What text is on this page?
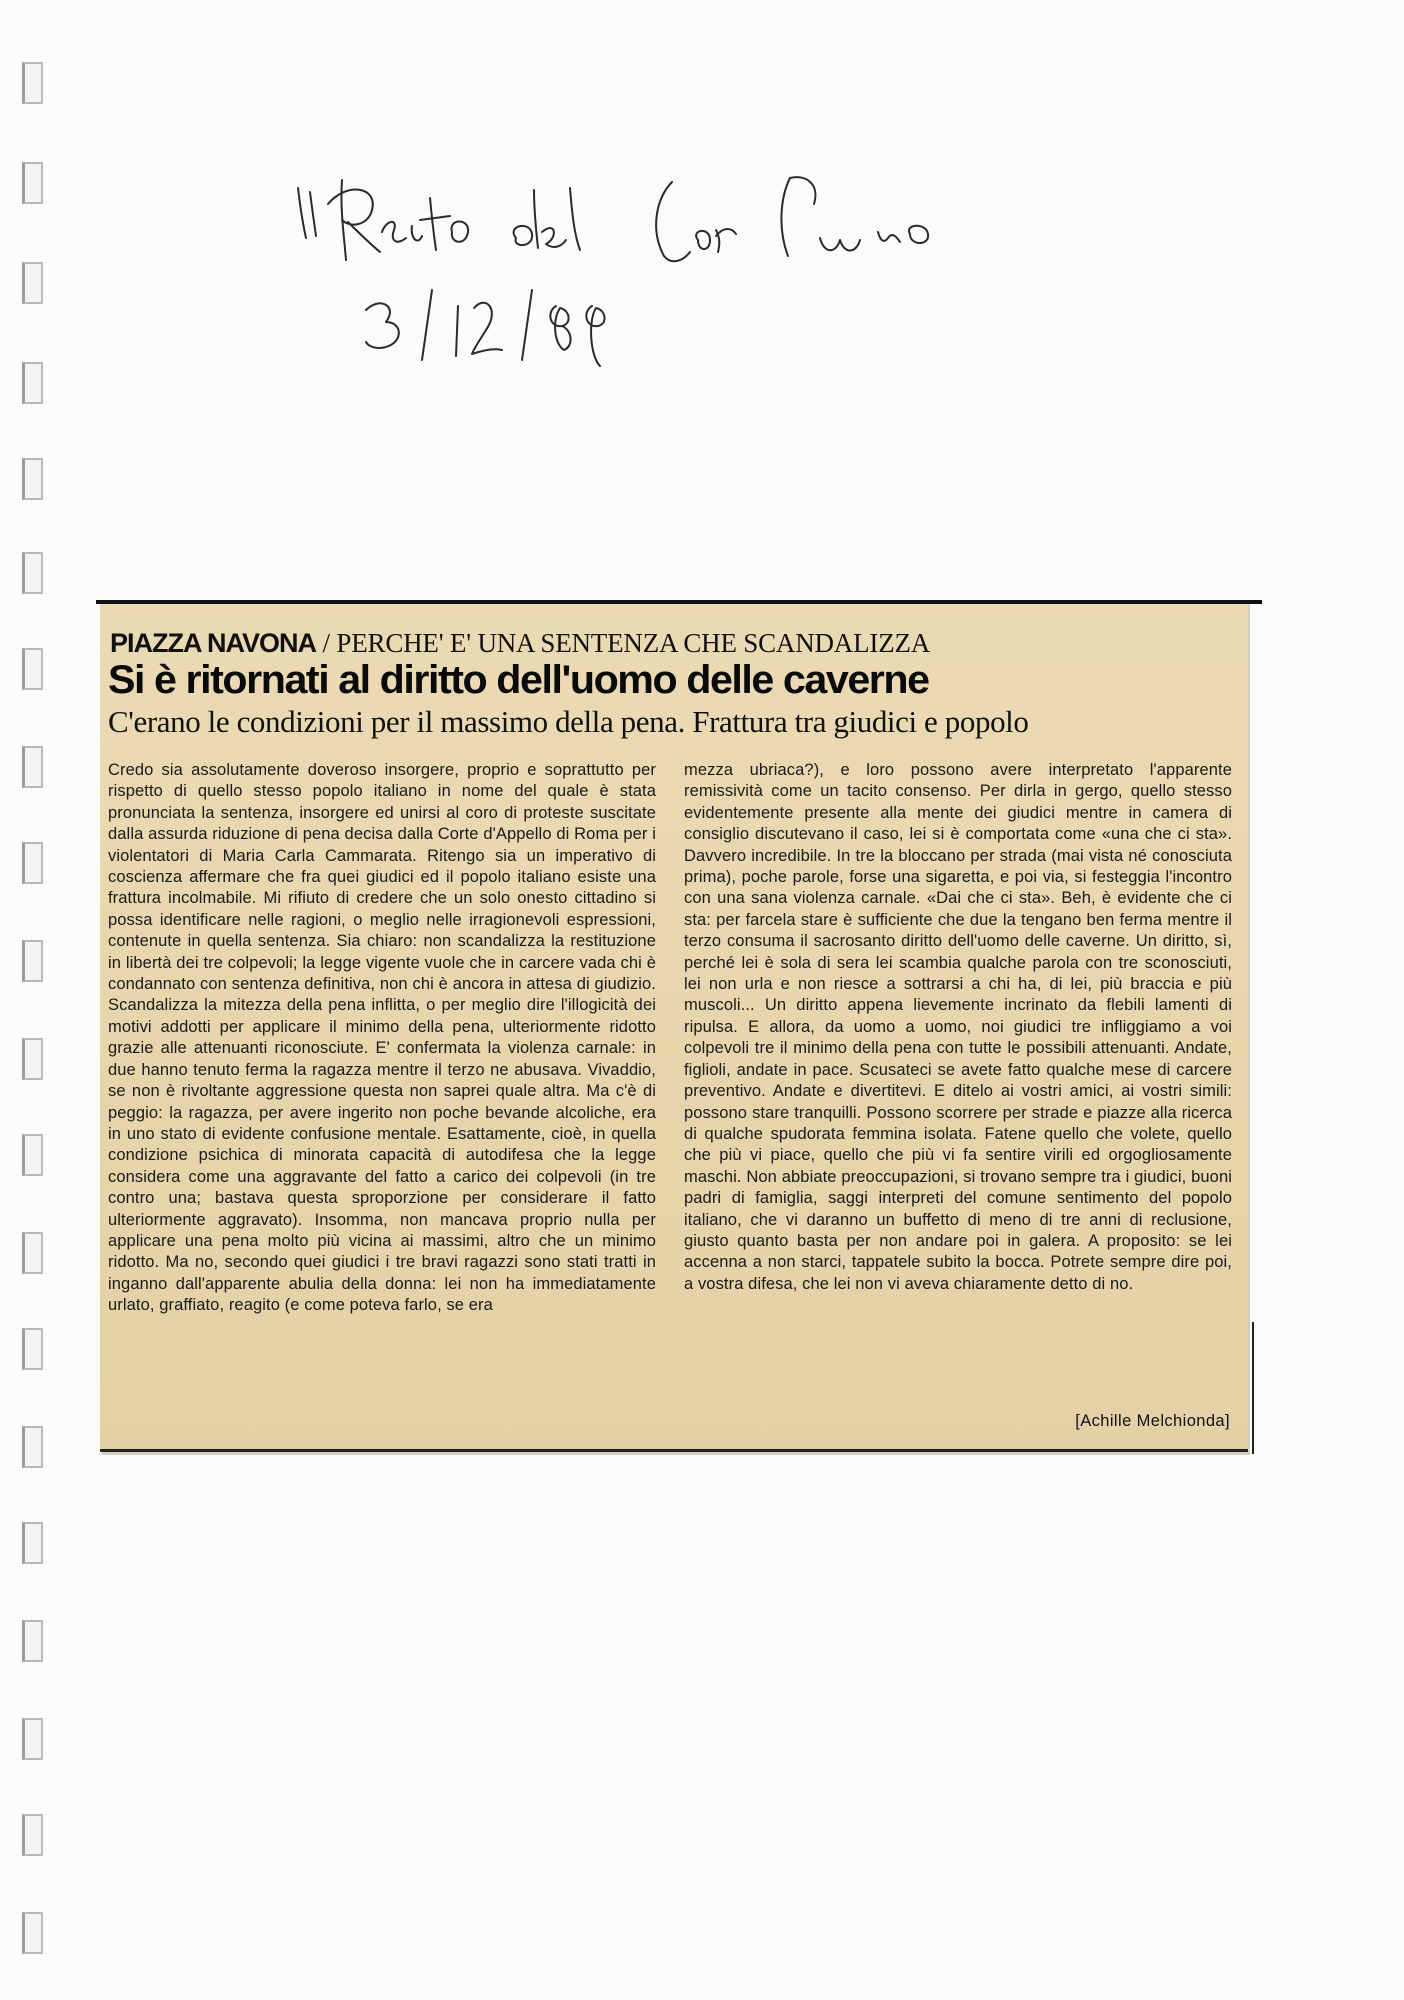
PIAZZA NAVONA / PERCHE' E' UNA SENTENZA CHE SCANDALIZZA
Si è ritornati al diritto dell'uomo delle caverne
C'erano le condizioni per il massimo della pena. Frattura tra giudici e popolo
Credo sia assolutamente doveroso insorgere, proprio e soprattutto per rispetto di quello stesso popolo italiano in nome del quale è stata pronunciata la sentenza, insorgere ed unirsi al coro di proteste suscitate dalla assurda riduzione di pena decisa dalla Corte d'Appello di Roma per i violentatori di Maria Carla Cammarata. Ritengo sia un imperativo di coscienza affermare che fra quei giudici ed il popolo italiano esiste una frattura incolmabile. Mi rifiuto di credere che un solo onesto cittadino si possa identificare nelle ragioni, o meglio nelle irragionevoli espressioni, contenute in quella sentenza. Sia chiaro: non scandalizza la restituzione in libertà dei tre colpevoli; la legge vigente vuole che in carcere vada chi è condannato con sentenza definitiva, non chi è ancora in attesa di giudizio. Scandalizza la mitezza della pena inflitta, o per meglio dire l'illogicità dei motivi addotti per applicare il minimo della pena, ulteriormente ridotto grazie alle attenuanti riconosciute. E' confermata la violenza carnale: in due hanno tenuto ferma la ragazza mentre il terzo ne abusava. Vivaddio, se non è rivoltante aggressione questa non saprei quale altra. Ma c'è di peggio: la ragazza, per avere ingerito non poche bevande alcoliche, era in uno stato di evidente confusione mentale. Esattamente, cioè, in quella condizione psichica di minorata capacità di autodifesa che la legge considera come una aggravante del fatto a carico dei colpevoli (in tre contro una; bastava questa sproporzione per considerare il fatto ulteriormente aggravato). Insomma, non mancava proprio nulla per applicare una pena molto più vicina ai massimi, altro che un minimo ridotto. Ma no, secondo quei giudici i tre bravi ragazzi sono stati tratti in inganno dall'apparente abulia della donna: lei non ha immediatamente urlato, graffiato, reagito (e come poteva farlo, se era
mezza ubriaca?), e loro possono avere interpretato l'apparente remissività come un tacito consenso. Per dirla in gergo, quello stesso evidentemente presente alla mente dei giudici mentre in camera di consiglio discutevano il caso, lei si è comportata come «una che ci sta». Davvero incredibile. In tre la bloccano per strada (mai vista né conosciuta prima), poche parole, forse una sigaretta, e poi via, si festeggia l'incontro con una sana violenza carnale. «Dai che ci sta». Beh, è evidente che ci sta: per farcela stare è sufficiente che due la tengano ben ferma mentre il terzo consuma il sacrosanto diritto dell'uomo delle caverne. Un diritto, sì, perché lei è sola di sera lei scambia qualche parola con tre sconosciuti, lei non urla e non riesce a sottrarsi a chi ha, di lei, più braccia e più muscoli... Un diritto appena lievemente incrinato da flebili lamenti di ripulsa. E allora, da uomo a uomo, noi giudici tre infliggiamo a voi colpevoli tre il minimo della pena con tutte le possibili attenuanti. Andate, figlioli, andate in pace. Scusateci se avete fatto qualche mese di carcere preventivo. Andate e divertitevi. E ditelo ai vostri amici, ai vostri simili: possono stare tranquilli. Possono scorrere per strade e piazze alla ricerca di qualche spudorata femmina isolata. Fatene quello che volete, quello che più vi piace, quello che più vi fa sentire virili ed orgogliosamente maschi. Non abbiate preoccupazioni, si trovano sempre tra i giudici, buoni padri di famiglia, saggi interpreti del comune sentimento del popolo italiano, che vi daranno un buffetto di meno di tre anni di reclusione, giusto quanto basta per non andare poi in galera. A proposito: se lei accenna a non starci, tappatele subito la bocca. Potrete sempre dire poi, a vostra difesa, che lei non vi aveva chiaramente detto di no.
[Achille Melchionda]
